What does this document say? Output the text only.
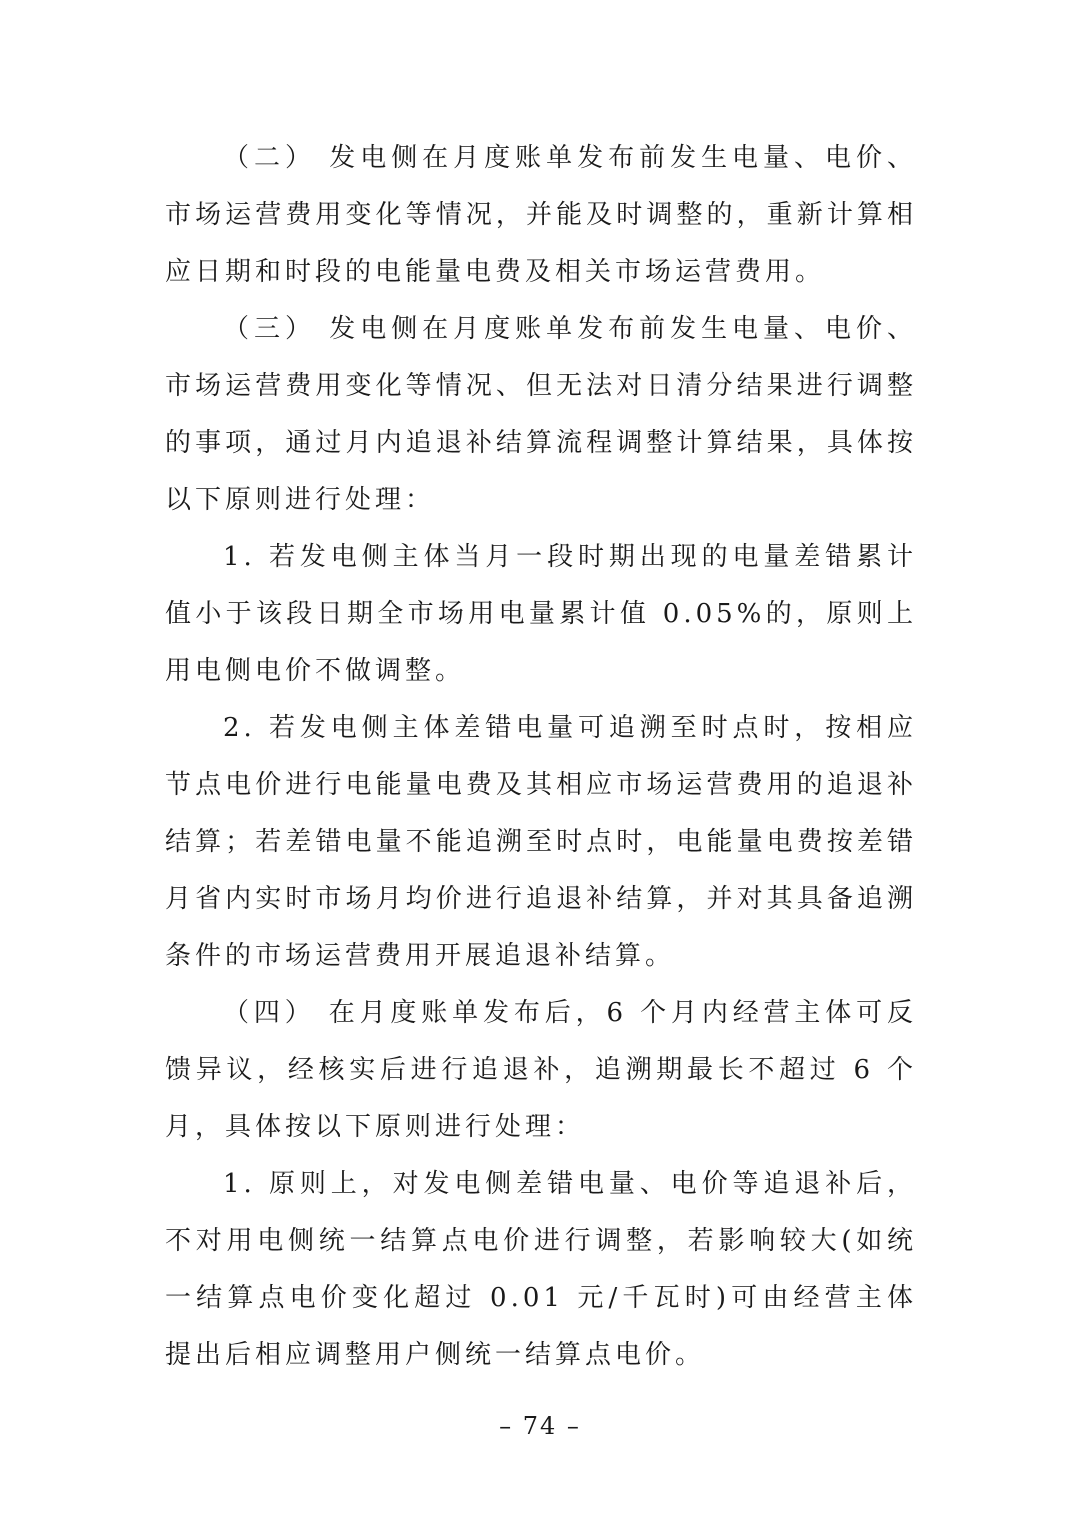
（二） 发电侧在月度账单发布前发生电量、电价、市场运营费用变化等情况，并能及时调整的，重新计算相应日期和时段的电能量电费及相关市场运营费用。

（三） 发电侧在月度账单发布前发生电量、电价、市场运营费用变化等情况、但无法对日清分结果进行调整的事项，通过月内追退补结算流程调整计算结果，具体按以下原则进行处理：

1. 若发电侧主体当月一段时期出现的电量差错累计值小于该段日期全市场用电量累计值 0.05%的，原则上用电侧电价不做调整。

2. 若发电侧主体差错电量可追溯至时点时，按相应节点电价进行电能量电费及其相应市场运营费用的追退补结算；若差错电量不能追溯至时点时，电能量电费按差错月省内实时市场月均价进行追退补结算，并对其具备追溯条件的市场运营费用开展追退补结算。

（四） 在月度账单发布后，6 个月内经营主体可反馈异议，经核实后进行追退补，追溯期最长不超过 6 个月，具体按以下原则进行处理：

1. 原则上，对发电侧差错电量、电价等追退补后，不对用电侧统一结算点电价进行调整，若影响较大(如统一结算点电价变化超过 0.01 元/千瓦时)可由经营主体提出后相应调整用户侧统一结算点电价。

– 74 –
